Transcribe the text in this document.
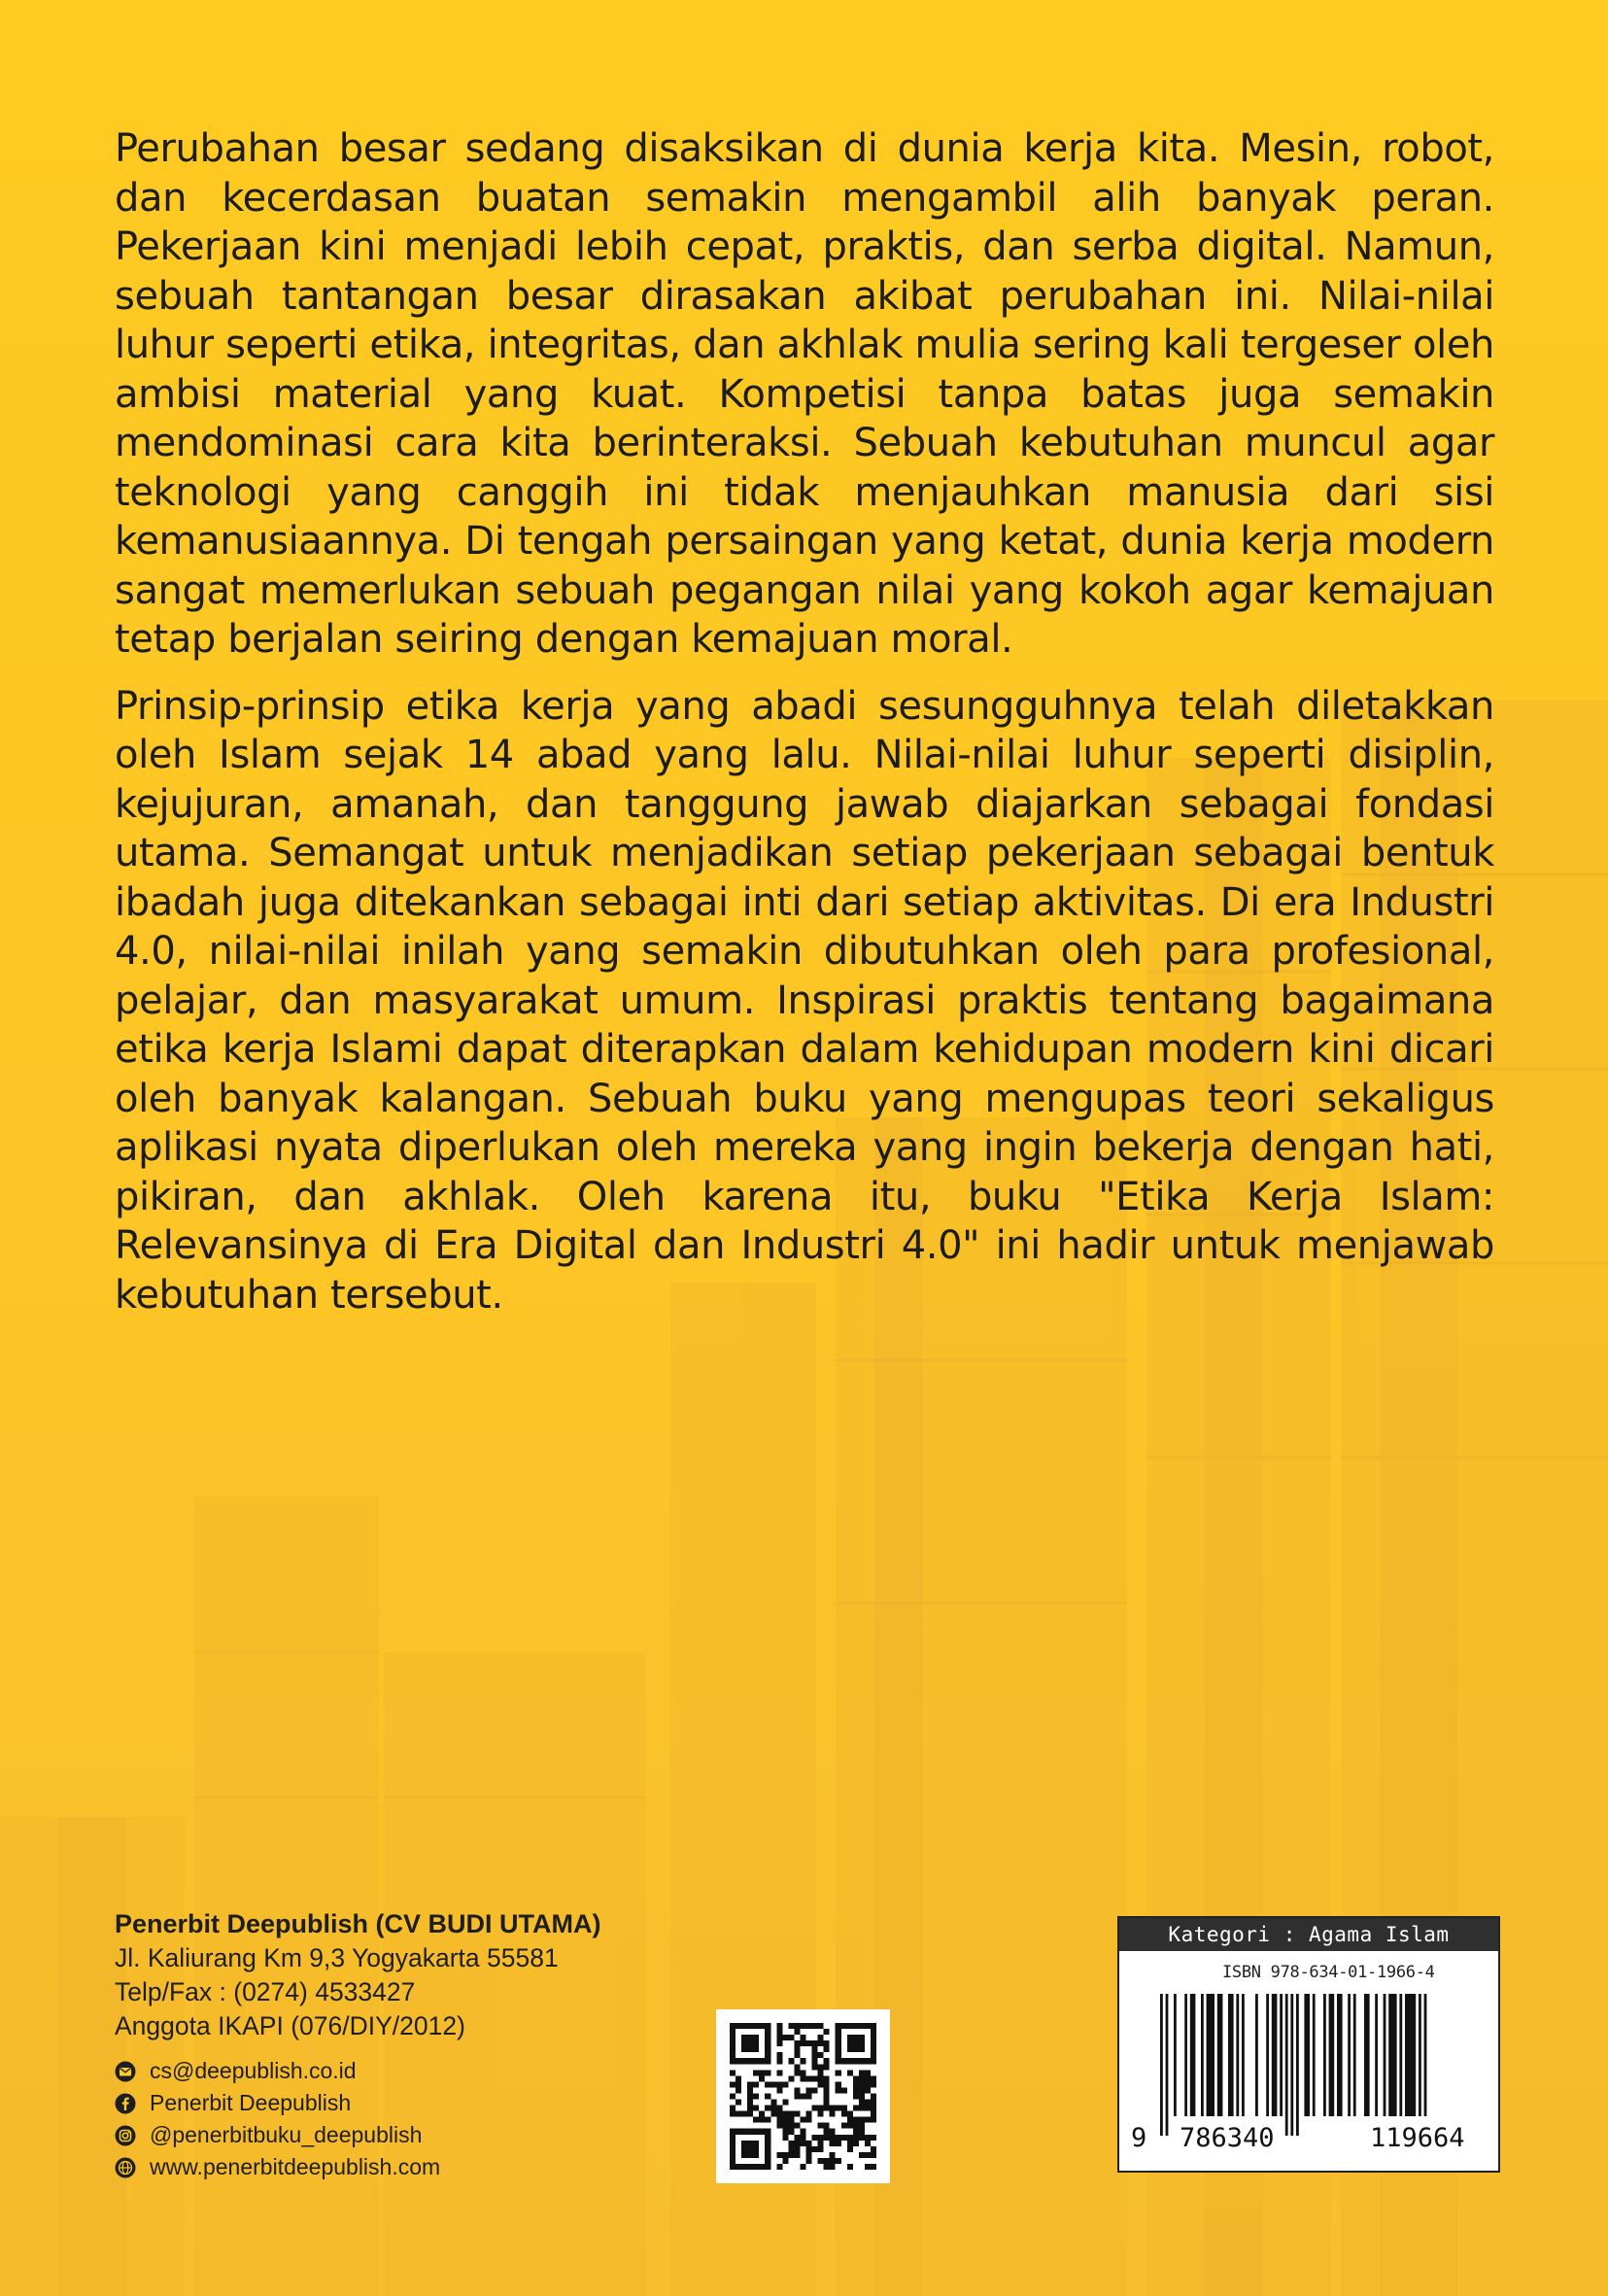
Perubahan besar sedang disaksikan di dunia kerja kita. Mesin, robot, dan kecerdasan buatan semakin mengambil alih banyak peran. Pekerjaan kini menjadi lebih cepat, praktis, dan serba digital. Namun, sebuah tantangan besar dirasakan akibat perubahan ini. Nilai-nilai luhur seperti etika, integritas, dan akhlak mulia sering kali tergeser oleh ambisi material yang kuat. Kompetisi tanpa batas juga semakin mendominasi cara kita berinteraksi. Sebuah kebutuhan muncul agar teknologi yang canggih ini tidak menjauhkan manusia dari sisi kemanusiaannya. Di tengah persaingan yang ketat, dunia kerja modern sangat memerlukan sebuah pegangan nilai yang kokoh agar kemajuan tetap berjalan seiring dengan kemajuan moral.

Prinsip-prinsip etika kerja yang abadi sesungguhnya telah diletakkan oleh Islam sejak 14 abad yang lalu. Nilai-nilai luhur seperti disiplin, kejujuran, amanah, dan tanggung jawab diajarkan sebagai fondasi utama. Semangat untuk menjadikan setiap pekerjaan sebagai bentuk ibadah juga ditekankan sebagai inti dari setiap aktivitas. Di era Industri 4.0, nilai-nilai inilah yang semakin dibutuhkan oleh para profesional, pelajar, dan masyarakat umum. Inspirasi praktis tentang bagaimana etika kerja Islami dapat diterapkan dalam kehidupan modern kini dicari oleh banyak kalangan. Sebuah buku yang mengupas teori sekaligus aplikasi nyata diperlukan oleh mereka yang ingin bekerja dengan hati, pikiran, dan akhlak. Oleh karena itu, buku "Etika Kerja Islam: Relevansinya di Era Digital dan Industri 4.0" ini hadir untuk menjawab kebutuhan tersebut.

Penerbit Deepublish (CV BUDI UTAMA)
Jl. Kaliurang Km 9,3 Yogyakarta 55581
Telp/Fax : (0274) 4533427
Anggota IKAPI (076/DIY/2012)
cs@deepublish.co.id
Penerbit Deepublish
@penerbitbuku_deepublish
www.penerbitdeepublish.com
Kategori : Agama Islam
ISBN 978-634-01-1966-4
9 786340	119664
